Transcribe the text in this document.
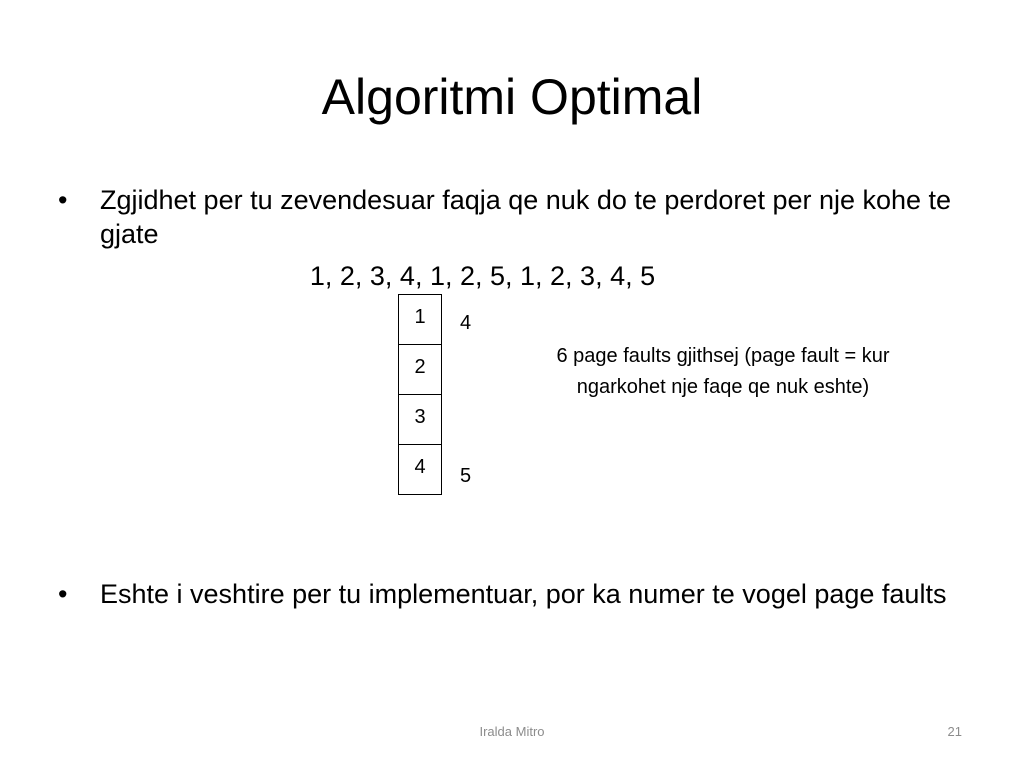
Algoritmi Optimal
• Zgjidhet per tu zevendesuar faqja qe nuk do te perdoret per nje kohe te gjate
1, 2, 3, 4, 1, 2, 5, 1, 2, 3, 4, 5
1
2
3
4
4
5
6 page faults gjithsej (page fault = kur ngarkohet nje faqe qe nuk eshte)
• Eshte i veshtire per tu implementuar, por ka numer te vogel page faults
Iralda Mitro	21
